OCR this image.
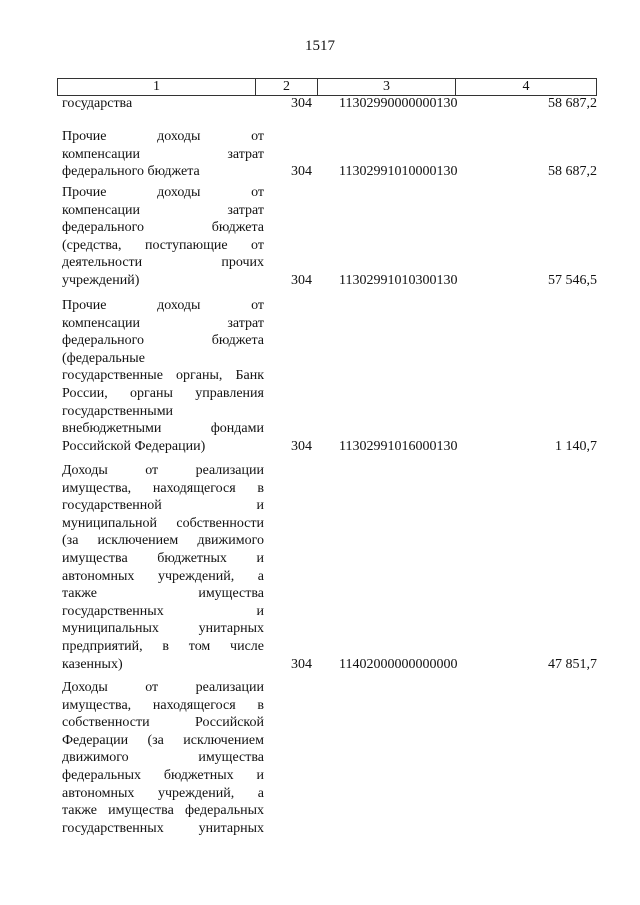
1517
1	2	3	4
государства	304 11302990000000130	58 687,2
Прочие	доходы	от
компенсации	затрат
федерального бюджета	304 11302991010000130	58 687,2
Прочие	доходы	от
компенсации	затрат
федерального	бюджета
(средства, поступающие от
деятельности	прочих
учреждений)	304 11302991010300130	57 546,5
Прочие	доходы	от
компенсации	затрат
федерального	бюджета
(федеральные
государственные органы, Банк
России, органы управления
государственными
внебюджетными	фондами
Российской Федерации)	304 11302991016000130	1 140,7
Доходы	от	реализации
имущества, находящегося в
государственной	и
муниципальной собственности
(за исключением движимого
имущества бюджетных и
автономных учреждений, а
также	имущества
государственных	и
муниципальных	унитарных
предприятий, в том числе
казенных)	304 11402000000000000	47 851,7
Доходы	от	реализации
имущества, находящегося в
собственности	Российской
Федерации (за исключением
движимого	имущества
федеральных бюджетных и
автономных учреждений, а
также имущества федеральных
государственных унитарных
